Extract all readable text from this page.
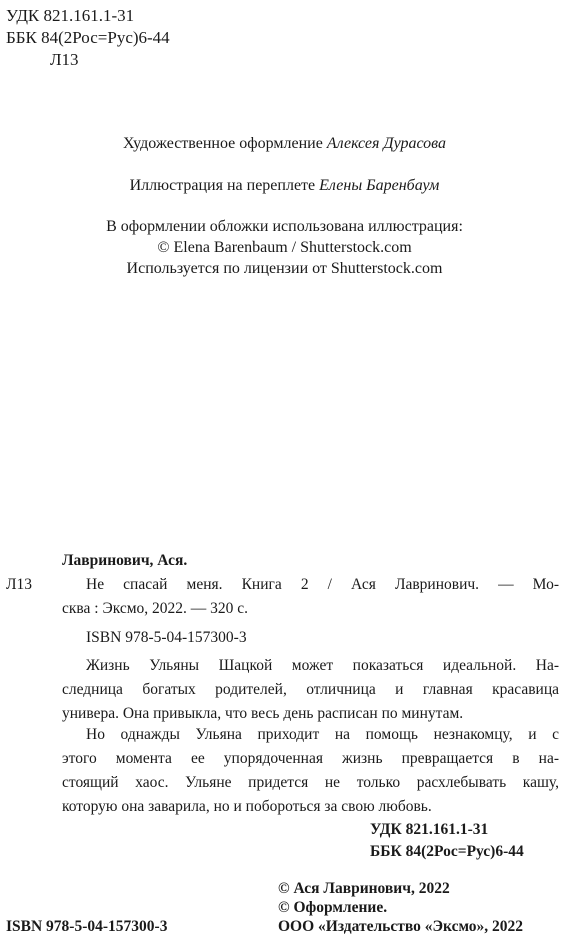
УДК 821.161.1-31
ББК 84(2Рос=Рус)6-44
Л13
Художественное оформление Алексея Дурасова
Иллюстрация на переплете Елены Баренбаум
В оформлении обложки использована иллюстрация:
© Elena Barenbaum / Shutterstock.com
Используется по лицензии от Shutterstock.com
Лавринович, Ася.
Л13	Не спасай меня. Книга 2 / Ася Лавринович. — Мо-
сква : Эксмо, 2022. — 320 с.
ISBN 978-5-04-157300-3
Жизнь Ульяны Шацкой может показаться идеальной. На-
следница богатых родителей, отличница и главная красавица
универа. Она привыкла, что весь день расписан по минутам.
Но однажды Ульяна приходит на помощь незнакомцу, и с
этого момента ее упорядоченная жизнь превращается в на-
стоящий хаос. Ульяне придется не только расхлебывать кашу,
которую она заварила, но и побороться за свою любовь.
УДК 821.161.1-31
ББК 84(2Рос=Рус)6-44
© Ася Лавринович, 2022
© Оформление.
ООО «Издательство «Эксмо», 2022
ISBN 978-5-04-157300-3
